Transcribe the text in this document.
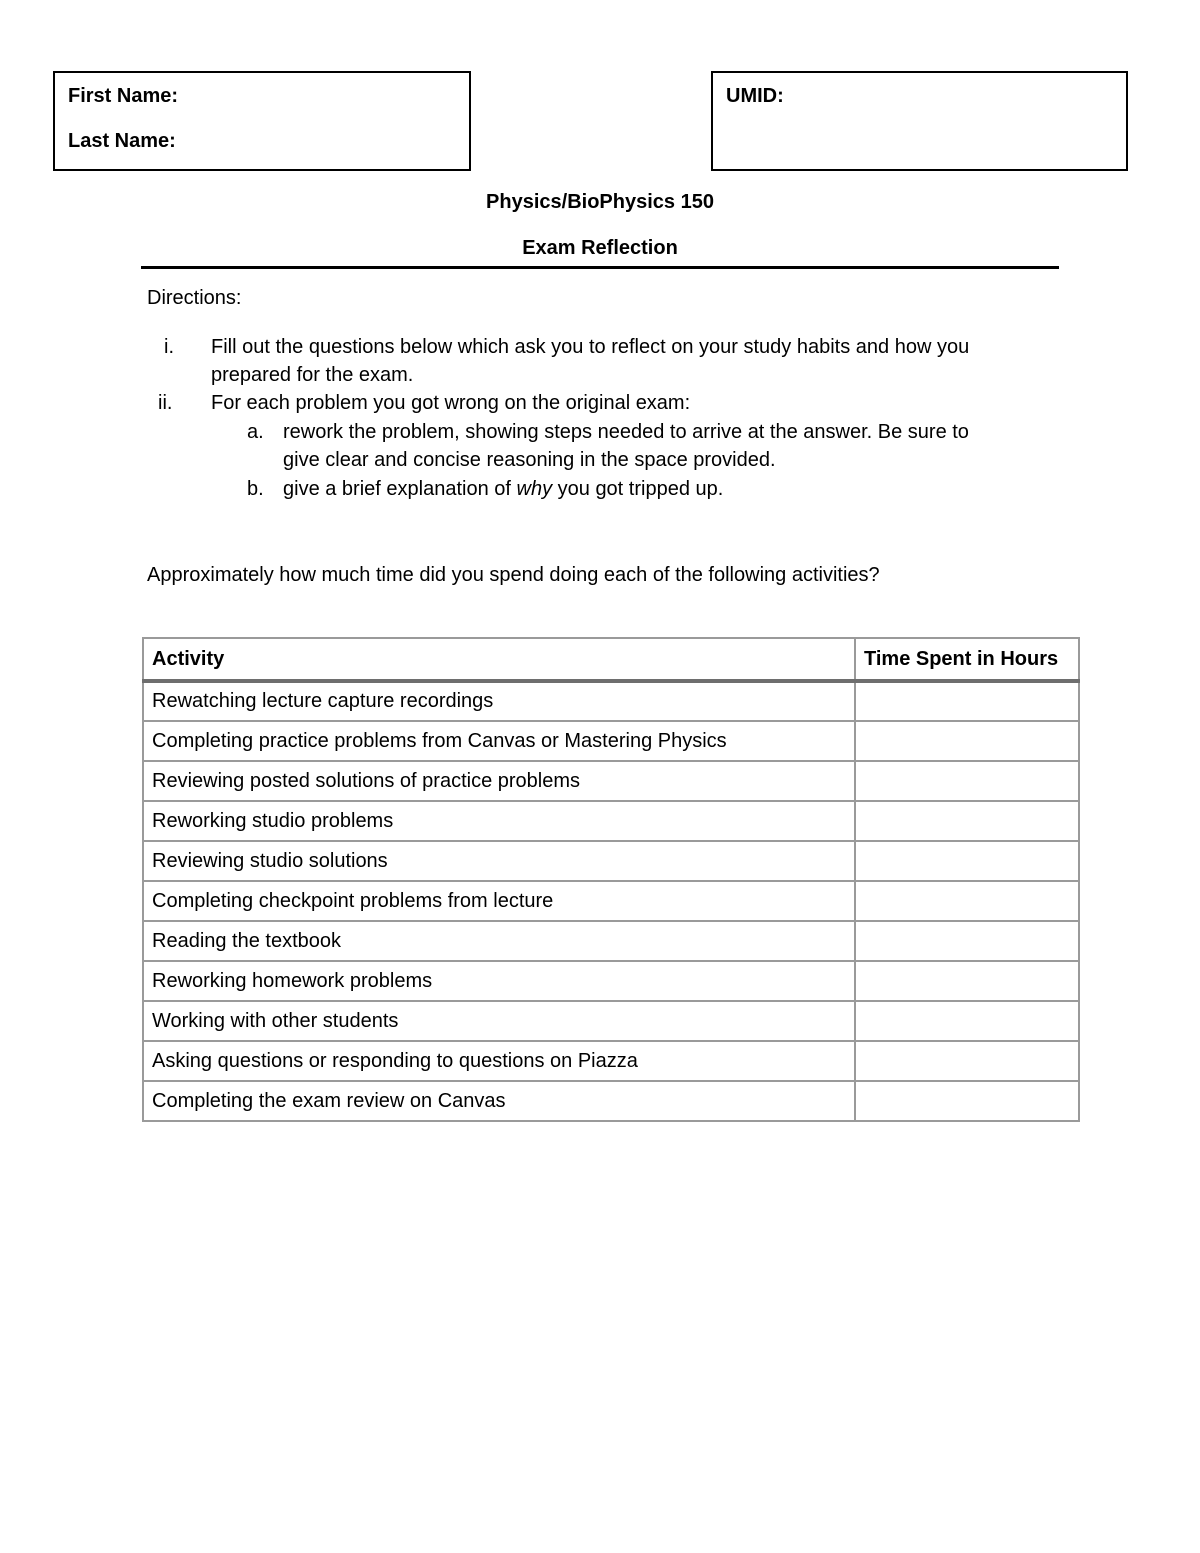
First Name:
Last Name:
UMID:
Physics/BioPhysics 150
Exam Reflection
Directions:
i. Fill out the questions below which ask you to reflect on your study habits and how you
prepared for the exam.
ii. For each problem you got wrong on the original exam:
a. rework the problem, showing steps needed to arrive at the answer. Be sure to
give clear and concise reasoning in the space provided.
b. give a brief explanation of why you got tripped up.
Approximately how much time did you spend doing each of the following activities?
Activity	Time Spent in Hours
Rewatching lecture capture recordings	
Completing practice problems from Canvas or Mastering Physics	
Reviewing posted solutions of practice problems	
Reworking studio problems	
Reviewing studio solutions	
Completing checkpoint problems from lecture	
Reading the textbook	
Reworking homework problems	
Working with other students	
Asking questions or responding to questions on Piazza	
Completing the exam review on Canvas	
